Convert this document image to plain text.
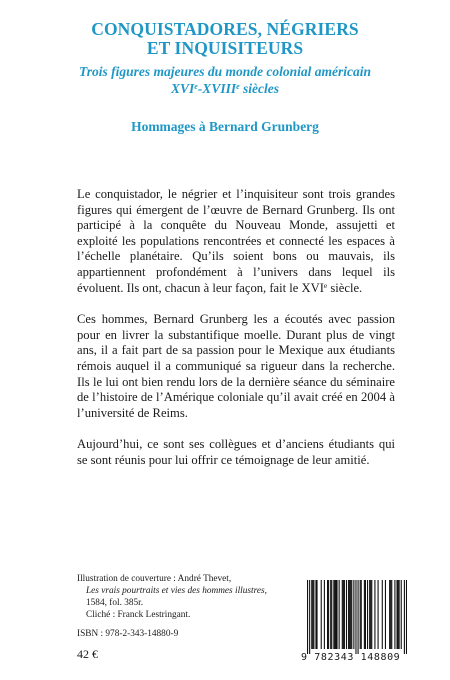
CONQUISTADORES, NÉGRIERS
ET INQUISITEURS
Trois figures majeures du monde colonial américain
XVIe-XVIIIe siècles
Hommages à Bernard Grunberg

Le conquistador, le négrier et l’inquisiteur sont trois grandes figures qui émergent de l’œuvre de Bernard Grunberg. Ils ont participé à la conquête du Nouveau Monde, assujetti et exploité les populations rencontrées et connecté les espaces à l’échelle planétaire. Qu’ils soient bons ou mauvais, ils appartiennent profondément à l’univers dans lequel ils évoluent. Ils ont, chacun à leur façon, fait le XVIe siècle.

Ces hommes, Bernard Grunberg les a écoutés avec passion pour en livrer la substantifique moelle. Durant plus de vingt ans, il a fait part de sa passion pour le Mexique aux étudiants rémois auquel il a communiqué sa rigueur dans la recherche. Ils le lui ont bien rendu lors de la dernière séance du séminaire de l’histoire de l’Amérique coloniale qu’il avait créé en 2004 à l’université de Reims.

Aujourd’hui, ce sont ses collègues et d’anciens étudiants qui se sont réunis pour lui offrir ce témoignage de leur amitié.

Illustration de couverture : André Thevet,
Les vrais pourtraits et vies des hommes illustres,
1584, fol. 385r.
Cliché : Franck Lestringant.
ISBN : 978-2-343-14880-9
42 €	9 782343 148809
